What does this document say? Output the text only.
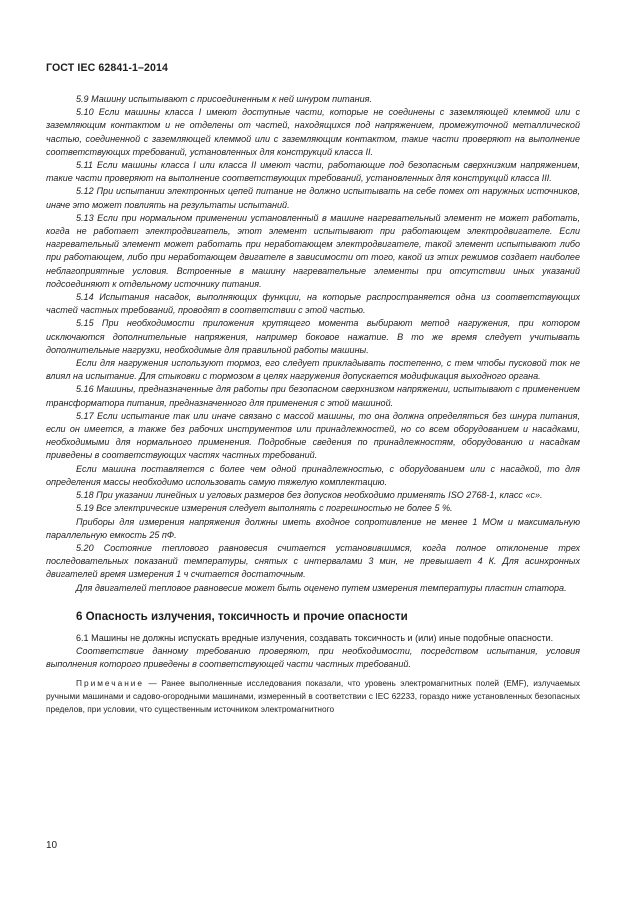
ГОСТ IEC 62841-1–2014

5.9 Машину испытывают с присоединенным к ней шнуром питания.

5.10 Если машины класса I имеют доступные части, которые не соединены с заземляющей клеммой или с заземляющим контактом и не отделены от частей, находящихся под напряжением, промежуточной металлической частью, соединенной с заземляющей клеммой или с заземляющим контактом, такие части проверяют на выполнение соответствующих требований, установленных для конструкций класса II.

5.11 Если машины класса I или класса II имеют части, работающие под безопасным сверхнизким напряжением, такие части проверяют на выполнение соответствующих требований, установленных для конструкций класса III.

5.12 При испытании электронных цепей питание не должно испытывать на себе помех от наружных источников, иначе это может повлиять на результаты испытаний.

5.13 Если при нормальном применении установленный в машине нагревательный элемент не может работать, когда не работает электродвигатель, этот элемент испытывают при работающем электродвигателе. Если нагревательный элемент может работать при неработающем электродвигателе, такой элемент испытывают либо при работающем, либо при неработающем двигателе в зависимости от того, какой из этих режимов создает наиболее неблагоприятные условия. Встроенные в машину нагревательные элементы при отсутствии иных указаний подсоединяют к отдельному источнику питания.

5.14 Испытания насадок, выполняющих функции, на которые распространяется одна из соответствующих частей частных требований, проводят в соответствии с этой частью.

5.15 При необходимости приложения крутящего момента выбирают метод нагружения, при котором исключаются дополнительные напряжения, например боковое нажатие. В то же время следует учитывать дополнительные нагрузки, необходимые для правильной работы машины.

Если для нагружения используют тормоз, его следует прикладывать постепенно, с тем чтобы пусковой ток не влиял на испытание. Для стыковки с тормозом в целях нагружения допускается модификация выходного органа.

5.16 Машины, предназначенные для работы при безопасном сверхнизком напряжении, испытывают с применением трансформатора питания, предназначенного для применения с этой машиной.

5.17 Если испытание так или иначе связано с массой машины, то она должна определяться без шнура питания, если он имеется, а также без рабочих инструментов или принадлежностей, но со всем оборудованием и насадками, необходимыми для нормального применения. Подробные сведения по принадлежностям, оборудованию и насадкам приведены в соответствующих частях частных требований.

Если машина поставляется с более чем одной принадлежностью, с оборудованием или с насадкой, то для определения массы необходимо использовать самую тяжелую комплектацию.

5.18 При указании линейных и угловых размеров без допусков необходимо применять ISO 2768-1, класс «с».

5.19 Все электрические измерения следует выполнять с погрешностью не более 5 %.

Приборы для измерения напряжения должны иметь входное сопротивление не менее 1 МОм и максимальную параллельную емкость 25 пФ.

5.20 Состояние теплового равновесия считается установившимся, когда полное отклонение трех последовательных показаний температуры, снятых с интервалами 3 мин, не превышает 4 К. Для асинхронных двигателей время измерения 1 ч считается достаточным.

Для двигателей тепловое равновесие может быть оценено путем измерения температуры пластин статора.

6 Опасность излучения, токсичность и прочие опасности

6.1 Машины не должны испускать вредные излучения, создавать токсичность и (или) иные подобные опасности.

Соответствие данному требованию проверяют, при необходимости, посредством испытания, условия выполнения которого приведены в соответствующей части частных требований.

Примечание — Ранее выполненные исследования показали, что уровень электромагнитных полей (EMF), излучаемых ручными машинами и садово-огородными машинами, измеренный в соответствии с IEC 62233, гораздо ниже установленных безопасных пределов, при условии, что существенным источником электромагнитного

10
